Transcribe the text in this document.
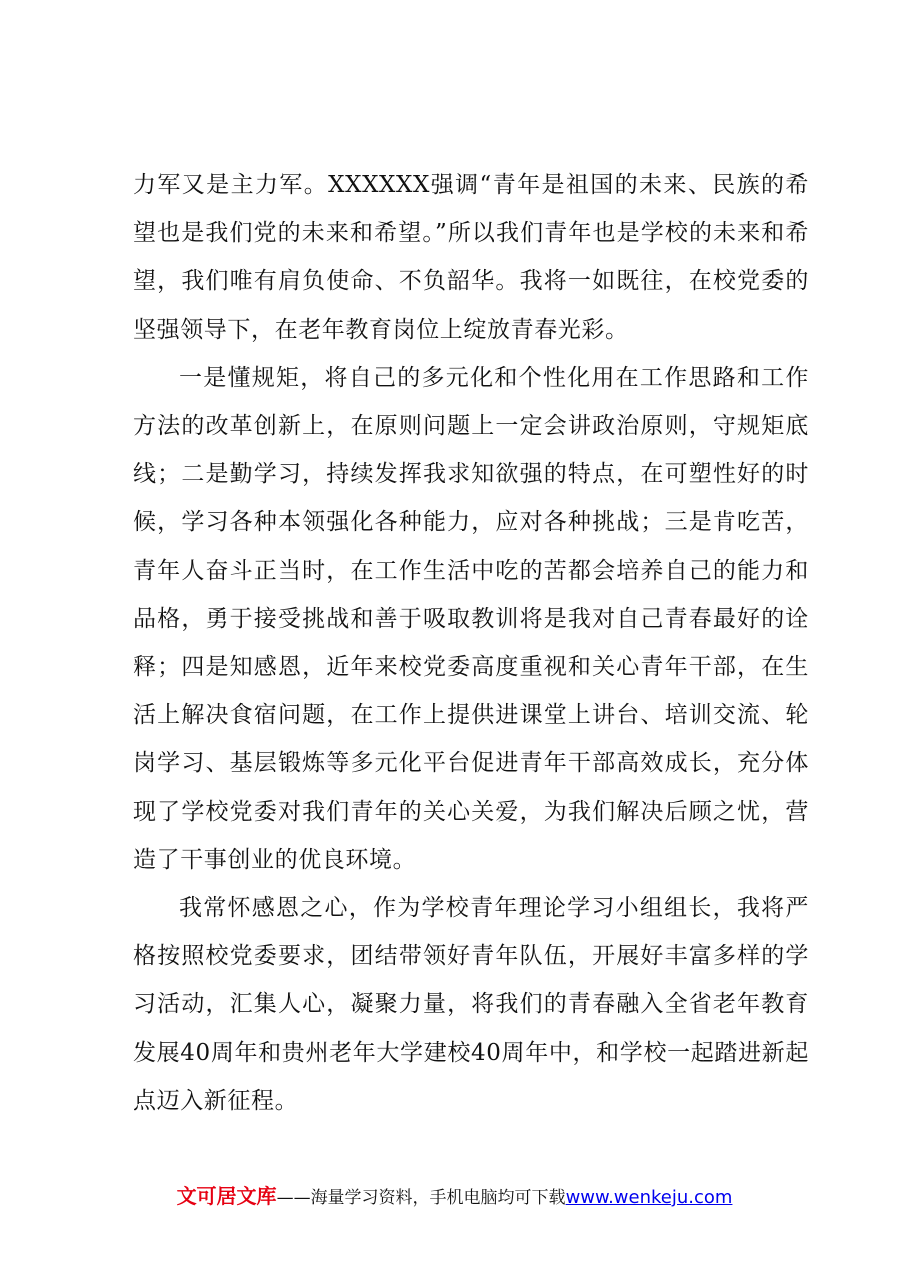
力军又是主力军。XXXXXX强调“青年是祖国的未来、民族的希望也是我们党的未来和希望。”所以我们青年也是学校的未来和希望，我们唯有肩负使命、不负韶华。我将一如既往，在校党委的坚强领导下，在老年教育岗位上绽放青春光彩。

一是懂规矩，将自己的多元化和个性化用在工作思路和工作方法的改革创新上，在原则问题上一定会讲政治原则，守规矩底线；二是勤学习，持续发挥我求知欲强的特点，在可塑性好的时候，学习各种本领强化各种能力，应对各种挑战；三是肯吃苦，青年人奋斗正当时，在工作生活中吃的苦都会培养自己的能力和品格，勇于接受挑战和善于吸取教训将是我对自己青春最好的诠释；四是知感恩，近年来校党委高度重视和关心青年干部，在生活上解决食宿问题，在工作上提供进课堂上讲台、培训交流、轮岗学习、基层锻炼等多元化平台促进青年干部高效成长，充分体现了学校党委对我们青年的关心关爱，为我们解决后顾之忧，营造了干事创业的优良环境。

我常怀感恩之心，作为学校青年理论学习小组组长，我将严格按照校党委要求，团结带领好青年队伍，开展好丰富多样的学习活动，汇集人心，凝聚力量，将我们的青春融入全省老年教育发展40周年和贵州老年大学建校40周年中，和学校一起踏进新起点迈入新征程。

文可居文库——海量学习资料，手机电脑均可下载www.wenkeju.com
